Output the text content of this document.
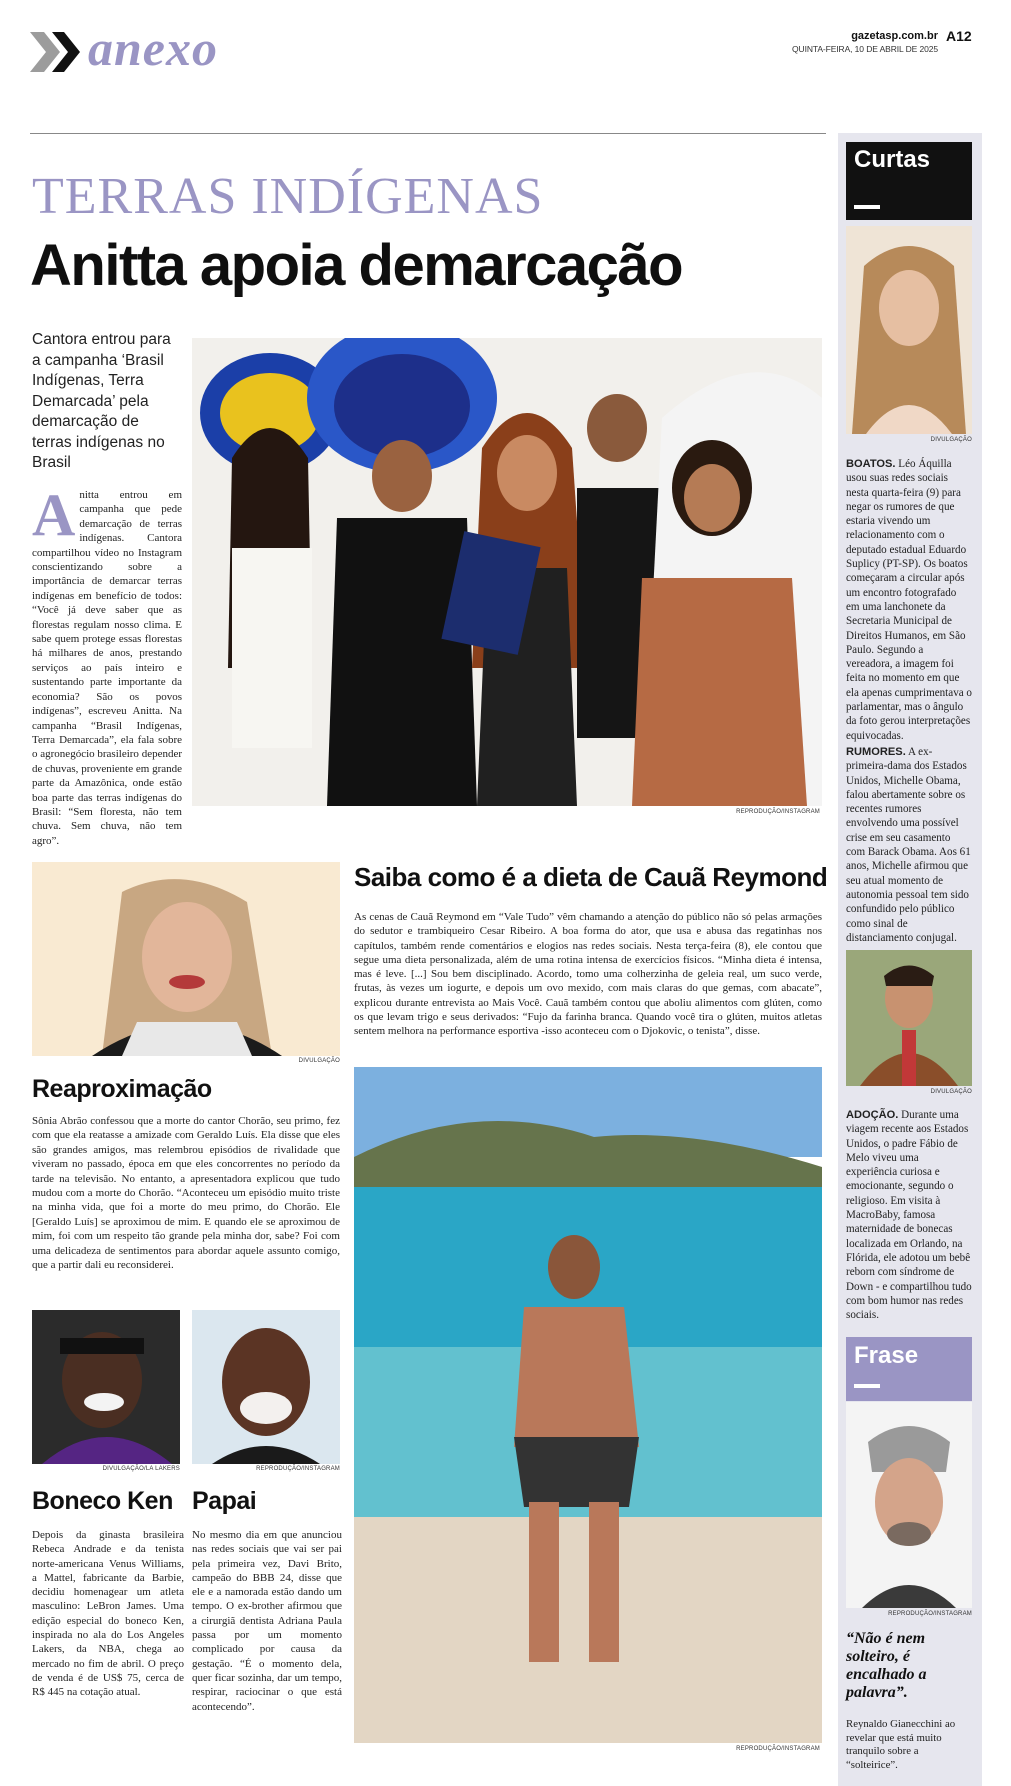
anexo	gazetasp.com.br
QUINTA-FEIRA, 10 DE ABRIL DE 2025
A12
TERRAS INDÍGENAS
Anitta apoia demarcação
Cantora entrou para a campanha ‘Brasil Indígenas, Terra Demarcada’ pela demarcação de terras indígenas no Brasil
A nitta entrou em campanha que pede demarcação de terras indígenas. Cantora compartilhou vídeo no Instagram conscientizando sobre a importância de demarcar terras indígenas em benefício de todos: “Você já deve saber que as florestas regulam nosso clima. E sabe quem protege essas florestas há milhares de anos, prestando serviços ao país inteiro e sustentando parte importante da economia? São os povos indígenas”, escreveu Anitta. Na campanha “Brasil Indígenas, Terra Demarcada”, ela fala sobre o agronegócio brasileiro depender de chuvas, proveniente em grande parte da Amazônica, onde estão boa parte das terras indígenas do Brasil: “Sem floresta, não tem chuva. Sem chuva, não tem agro”.

REPRODUÇÃO/INSTAGRAM
DIVULGAÇÃO
Reaproximação

Sônia Abrão confessou que a morte do cantor Chorão, seu primo, fez com que ela reatasse a amizade com Geraldo Luís. Ela disse que eles são grandes amigos, mas relembrou episódios de rivalidade que viveram no passado, época em que eles concorrentes no período da tarde na televisão. No entanto, a apresentadora explicou que tudo mudou com a morte do Chorão. “Aconteceu um episódio muito triste na minha vida, que foi a morte do meu primo, do Chorão. Ele [Geraldo Luís] se aproximou de mim. E quando ele se aproximou de mim, foi com um respeito tão grande pela minha dor, sabe? Foi com uma delicadeza de sentimentos para abordar aquele assunto comigo, que a partir dali eu reconsiderei.

Saiba como é a dieta de Cauã Reymond

As cenas de Cauã Reymond em “Vale Tudo” vêm chamando a atenção do público não só pelas armações do sedutor e trambiqueiro Cesar Ribeiro. A boa forma do ator, que usa e abusa das regatinhas nos capítulos, também rende comentários e elogios nas redes sociais. Nesta terça-feira (8), ele contou que segue uma dieta personalizada, além de uma rotina intensa de exercícios físicos. “Minha dieta é intensa, mas é leve. [...] Sou bem disciplinado. Acordo, tomo uma colherzinha de geleia real, um suco verde, frutas, às vezes um iogurte, e depois um ovo mexido, com mais claras do que gemas, com abacate”, explicou durante entrevista ao Mais Você. Cauã também contou que aboliu alimentos com glúten, como os que levam trigo e seus derivados: “Fujo da farinha branca. Quando você tira o glúten, muitos atletas sentem melhora na performance esportiva -isso aconteceu com o Djokovic, o tenista”, disse.

REPRODUÇÃO/INSTAGRAM
DIVULGAÇÃO/LA LAKERS
Boneco Ken

Depois da ginasta brasileira Rebeca Andrade e da tenista norte-americana Venus Williams, a Mattel, fabricante da Barbie, decidiu homenagear um atleta masculino: LeBron James. Uma edição especial do boneco Ken, inspirada no ala do Los Angeles Lakers, da NBA, chega ao mercado no fim de abril. O preço de venda é de US$ 75, cerca de R$ 445 na cotação atual.

REPRODUÇÃO/INSTAGRAM
Papai

No mesmo dia em que anunciou nas redes sociais que vai ser pai pela primeira vez, Davi Brito, campeão do BBB 24, disse que ele e a namorada estão dando um tempo. O ex-brother afirmou que a cirurgiã dentista Adriana Paula passa por um momento complicado por causa da gestação. “É o momento dela, quer ficar sozinha, dar um tempo, respirar, raciocinar o que está acontecendo”.

Curtas
DIVULGAÇÃO
BOATOS. Léo Áquilla usou suas redes sociais nesta quarta-feira (9) para negar os rumores de que estaria vivendo um relacionamento com o deputado estadual Eduardo Suplicy (PT-SP). Os boatos começaram a circular após um encontro fotografado em uma lanchonete da Secretaria Municipal de Direitos Humanos, em São Paulo. Segundo a vereadora, a imagem foi feita no momento em que ela apenas cumprimentava o parlamentar, mas o ângulo da foto gerou interpretações equivocadas.
RUMORES. A ex-primeira-dama dos Estados Unidos, Michelle Obama, falou abertamente sobre os recentes rumores envolvendo uma possível crise em seu casamento com Barack Obama. Aos 61 anos, Michelle afirmou que seu atual momento de autonomia pessoal tem sido confundido pelo público como sinal de distanciamento conjugal.
DIVULGAÇÃO
ADOÇÃO. Durante uma viagem recente aos Estados Unidos, o padre Fábio de Melo viveu uma experiência curiosa e emocionante, segundo o religioso. Em visita à MacroBaby, famosa maternidade de bonecas localizada em Orlando, na Flórida, ele adotou um bebê reborn com síndrome de Down - e compartilhou tudo com bom humor nas redes sociais.
Frase
REPRODUÇÃO/INSTAGRAM
“Não é nem solteiro, é encalhado a palavra”.
Reynaldo Gianecchini ao revelar que está muito tranquilo sobre a “solteirice”.
